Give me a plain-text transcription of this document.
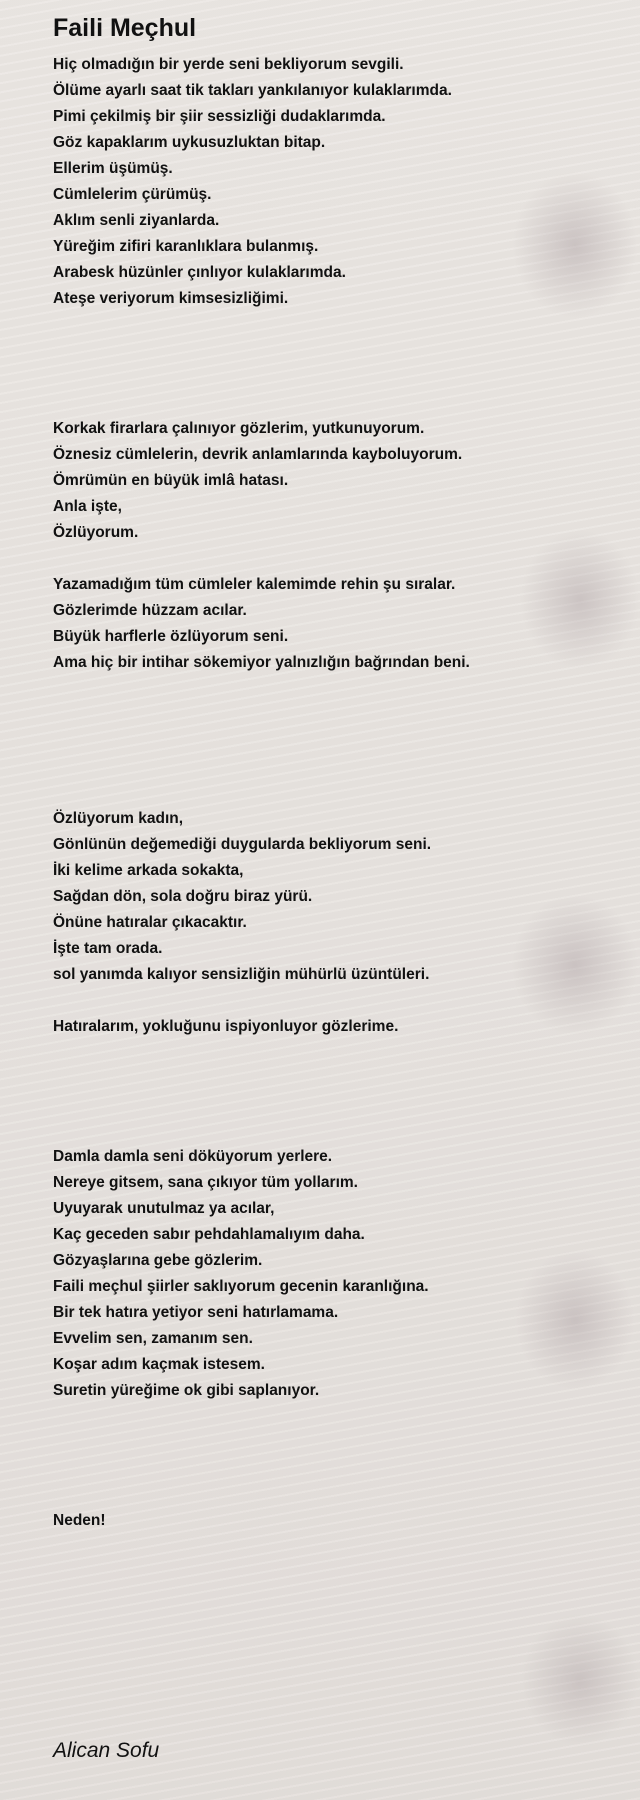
Faili Meçhul
Hiç olmadığın bir yerde seni bekliyorum sevgili.
Ölüme ayarlı saat tik takları yankılanıyor kulaklarımda.
Pimi çekilmiş bir şiir sessizliği dudaklarımda.
Göz kapaklarım uykusuzluktan bitap.
Ellerim üşümüş.
Cümlelerim çürümüş.
Aklım senli ziyanlarda.
Yüreğim zifiri karanlıklara bulanmış.
Arabesk hüzünler çınlıyor kulaklarımda.
Ateşe veriyorum kimsesizliğimi.
Korkak firarlara çalınıyor gözlerim, yutkunuyorum.
Öznesiz cümlelerin, devrik anlamlarında kayboluyorum.
Ömrümün en büyük imlâ hatası.
Anla işte,
Özlüyorum.
Yazamadığım tüm cümleler kalemimde rehin şu sıralar.
Gözlerimde hüzzam acılar.
Büyük harflerle özlüyorum seni.
Ama hiç bir intihar sökemiyor yalnızlığın bağrından beni.
Özlüyorum kadın,
Gönlünün değemediği duygularda bekliyorum seni.
İki kelime arkada sokakta,
Sağdan dön, sola doğru biraz yürü.
Önüne hatıralar çıkacaktır.
İşte tam orada.
sol yanımda kalıyor sensizliğin mühürlü üzüntüleri.
Hatıralarım, yokluğunu ispiyonluyor gözlerime.
Damla damla seni döküyorum yerlere.
Nereye gitsem, sana çıkıyor tüm yollarım.
Uyuyarak unutulmaz ya acılar,
Kaç geceden sabır pehdahlamalıyım daha.
Gözyaşlarına gebe gözlerim.
Faili meçhul şiirler saklıyorum gecenin karanlığına.
Bir tek hatıra yetiyor seni hatırlamama.
Evvelim sen, zamanım sen.
Koşar adım kaçmak istesem.
Suretin yüreğime ok gibi saplanıyor.
Neden!
Alican Sofu
